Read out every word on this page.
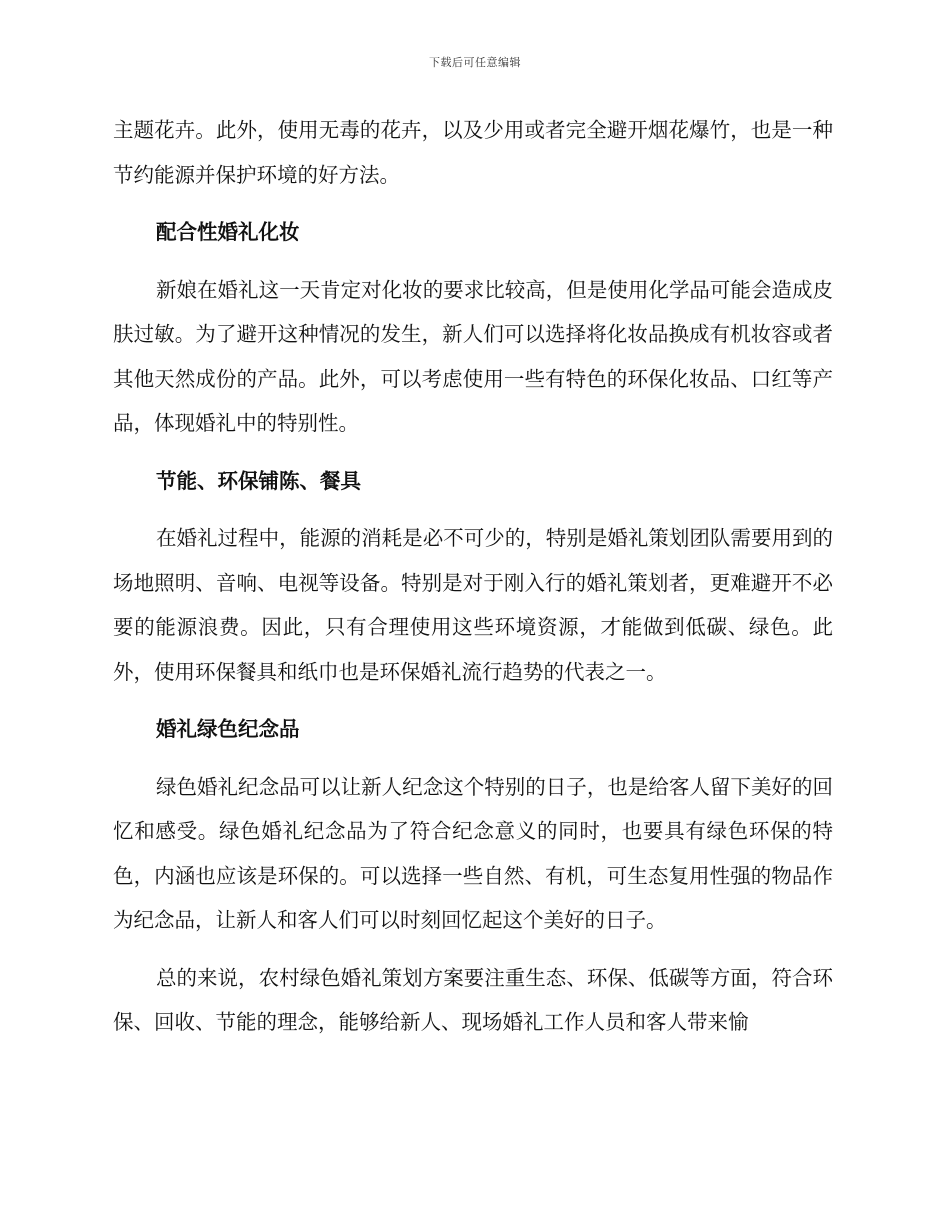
下载后可任意编辑

主题花卉。此外，使用无毒的花卉，以及少用或者完全避开烟花爆竹，也是一种节约能源并保护环境的好方法。

配合性婚礼化妆

新娘在婚礼这一天肯定对化妆的要求比较高，但是使用化学品可能会造成皮肤过敏。为了避开这种情况的发生，新人们可以选择将化妆品换成有机妆容或者其他天然成份的产品。此外，可以考虑使用一些有特色的环保化妆品、口红等产品，体现婚礼中的特别性。

节能、环保铺陈、餐具

在婚礼过程中，能源的消耗是必不可少的，特别是婚礼策划团队需要用到的场地照明、音响、电视等设备。特别是对于刚入行的婚礼策划者，更难避开不必要的能源浪费。因此，只有合理使用这些环境资源，才能做到低碳、绿色。此外，使用环保餐具和纸巾也是环保婚礼流行趋势的代表之一。

婚礼绿色纪念品

绿色婚礼纪念品可以让新人纪念这个特别的日子，也是给客人留下美好的回忆和感受。绿色婚礼纪念品为了符合纪念意义的同时，也要具有绿色环保的特色，内涵也应该是环保的。可以选择一些自然、有机，可生态复用性强的物品作为纪念品，让新人和客人们可以时刻回忆起这个美好的日子。

总的来说，农村绿色婚礼策划方案要注重生态、环保、低碳等方面，符合环保、回收、节能的理念，能够给新人、现场婚礼工作人员和客人带来愉
